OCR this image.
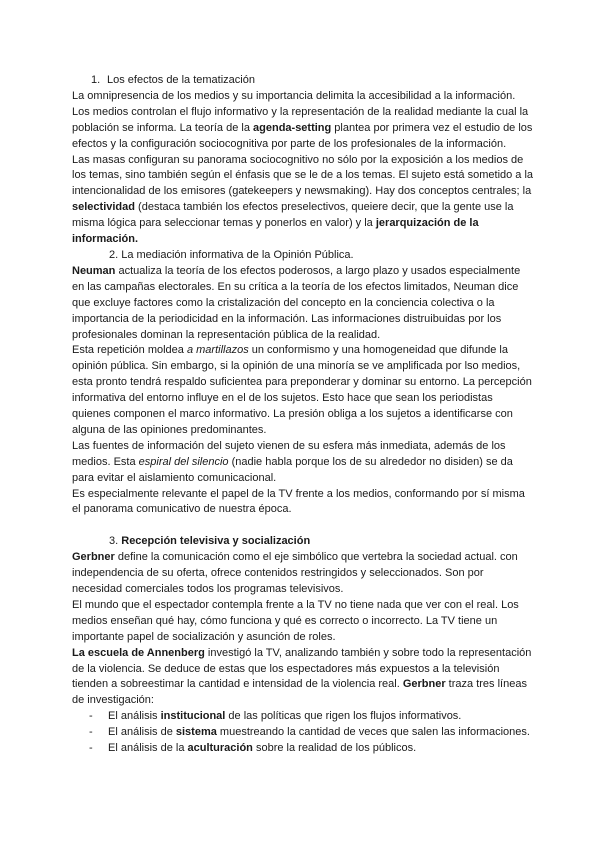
1. Los efectos de la tematización

La omnipresencia de los medios y su importancia delimita la accesibilidad a la información. Los medios controlan el flujo informativo y la representación de la realidad mediante la cual la población se informa. La teoría de la agenda-setting plantea por primera vez el estudio de los efectos y la configuración sociocognitiva por parte de los profesionales de la información.

Las masas configuran su panorama sociocognitivo no sólo por la exposición a los medios de los temas, sino también según el énfasis que se le de a los temas. El sujeto está sometido a la intencionalidad de los emisores (gatekeepers y newsmaking). Hay dos conceptos centrales; la selectividad (destaca también los efectos preselectivos, queiere decir, que la gente use la misma lógica para seleccionar temas y ponerlos en valor) y la jerarquización de la información.

2. La mediación informativa de la Opinión Pública.

Neuman actualiza la teoría de los efectos poderosos, a largo plazo y usados especialmente en las campañas electorales. En su crítica a la teoría de los efectos limitados, Neuman dice que excluye factores como la cristalización del concepto en la conciencia colectiva o la importancia de la periodicidad en la información. Las informaciones distruibuidas por los profesionales dominan la representación pública de la realidad.

Esta repetición moldea a martillazos un conformismo y una homogeneidad que difunde la opinión pública. Sin embargo, si la opinión de una minoría se ve amplificada por lso medios, esta pronto tendrá respaldo suficientea para preponderar y dominar su entorno. La percepción informativa del entorno influye en el de los sujetos. Esto hace que sean los periodistas quienes componen el marco informativo. La presión obliga a los sujetos a identificarse con alguna de las opiniones predominantes.

Las fuentes de información del sujeto vienen de su esfera más inmediata, además de los medios. Esta espiral del silencio (nadie habla porque los de su alrededor no disiden) se da para evitar el aislamiento comunicacional.

Es especialmente relevante el papel de la TV frente a los medios, conformando por sí misma el panorama comunicativo de nuestra época.

3. Recepción televisiva y socialización

Gerbner define la comunicación como el eje simbólico que vertebra la sociedad actual. con independencia de su oferta, ofrece contenidos restringidos y seleccionados. Son por necesidad comerciales todos los programas televisivos.

El mundo que el espectador contempla frente a la TV no tiene nada que ver con el real. Los medios enseñan qué hay, cómo funciona y qué es correcto o incorrecto. La TV tiene un importante papel de socialización y asunción de roles.

La escuela de Annenberg investigó la TV, analizando también y sobre todo la representación de la violencia. Se deduce de estas que los espectadores más expuestos a la televisión tienden a sobreestimar la cantidad e intensidad de la violencia real. Gerbner traza tres líneas de investigación:

- El análisis institucional de las políticas que rigen los flujos informativos.
- El análisis de sistema muestreando la cantidad de veces que salen las informaciones.
- El análisis de la aculturación sobre la realidad de los públicos.
